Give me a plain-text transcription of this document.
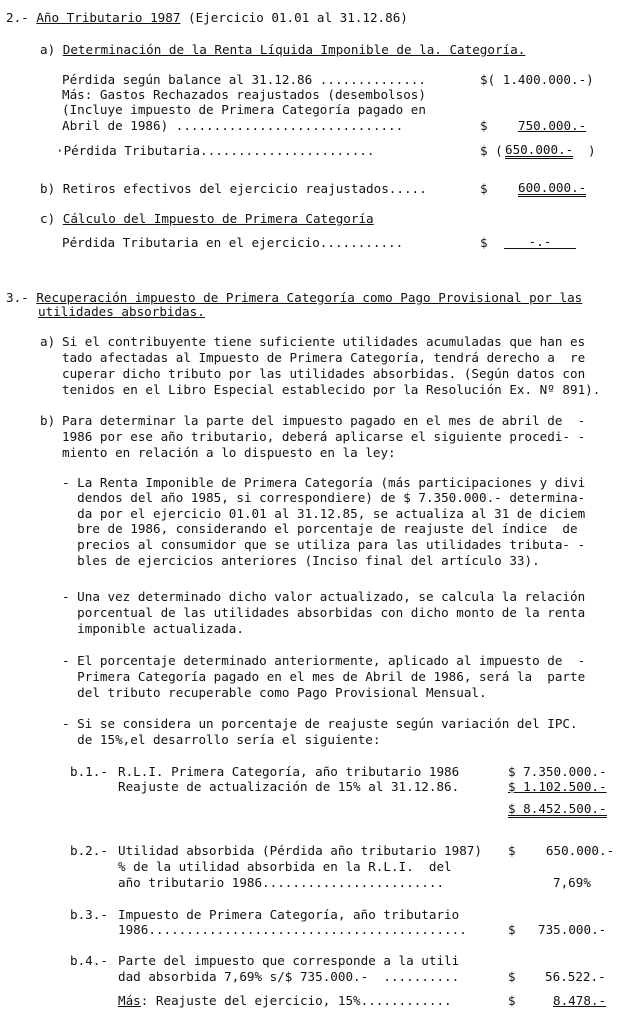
2.- Año Tributario 1987 (Ejercicio 01.01 al 31.12.86)
a) Determinación de la Renta Líquida Imponible de la. Categoría.
Pérdida según balance al 31.12.86 ..............	$( 1.400.000.-)
Más: Gastos Rechazados reajustados (desembolsos)
(Incluye impuesto de Primera Categoría pagado en
Abril de 1986) ..............................	$ 750.000.-
·Pérdida Tributaria.......................	$ ( 650.000.- )
b) Retiros efectivos del ejercicio reajustados.....	$ 600.000.-
c) Cálculo del Impuesto de Primera Categoría
Pérdida Tributaria en el ejercicio...........	$	-.-
3.- Recuperación impuesto de Primera Categoría como Pago Provisional por las
utilidades absorbidas.
a) Si el contribuyente tiene suficiente utilidades acumuladas que han es
tado afectadas al Impuesto de Primera Categoría, tendrá derecho a  re
cuperar dicho tributo por las utilidades absorbidas. (Según datos con
tenidos en el Libro Especial establecido por la Resolución Ex. Nº 891).
b) Para determinar la parte del impuesto pagado en el mes de abril de  -
1986 por ese año tributario, deberá aplicarse el siguiente procedi- -
miento en relación a lo dispuesto en la ley:
- La Renta Imponible de Primera Categoría (más participaciones y divi
dendos del año 1985, si correspondiere) de $ 7.350.000.- determina-
da por el ejercicio 01.01 al 31.12.85, se actualiza al 31 de diciem
bre de 1986, considerando el porcentaje de reajuste del índice  de
precios al consumidor que se utiliza para las utilidades tributa- -
bles de ejercicios anteriores (Inciso final del artículo 33).
- Una vez determinado dicho valor actualizado, se calcula la relación
porcentual de las utilidades absorbidas con dicho monto de la renta
imponible actualizada.
- El porcentaje determinado anteriormente, aplicado al impuesto de  -
Primera Categoría pagado en el mes de Abril de 1986, será la  parte
del tributo recuperable como Pago Provisional Mensual.
- Si se considera un porcentaje de reajuste según variación del IPC.
de 15%,el desarrollo sería el siguiente:
b.1.- R.L.I. Primera Categoría, año tributario 1986	$ 7.350.000.-
Reajuste de actualización de 15% al 31.12.86.	$ 1.102.500.-
$ 8.452.500.-
b.2.- Utilidad absorbida (Pérdida año tributario 1987) $    650.000.-
% de la utilidad absorbida en la R.L.I.  del
año tributario 1986........................	7,69%
b.3.- Impuesto de Primera Categoría, año tributario
1986..........................................	$ 735.000.-
b.4.- Parte del impuesto que corresponde a la utili
dad absorbida 7,69% s/$ 735.000.-  ..........	$ 56.522.-
Más: Reajuste del ejercicio, 15%............	$	8.478.-
